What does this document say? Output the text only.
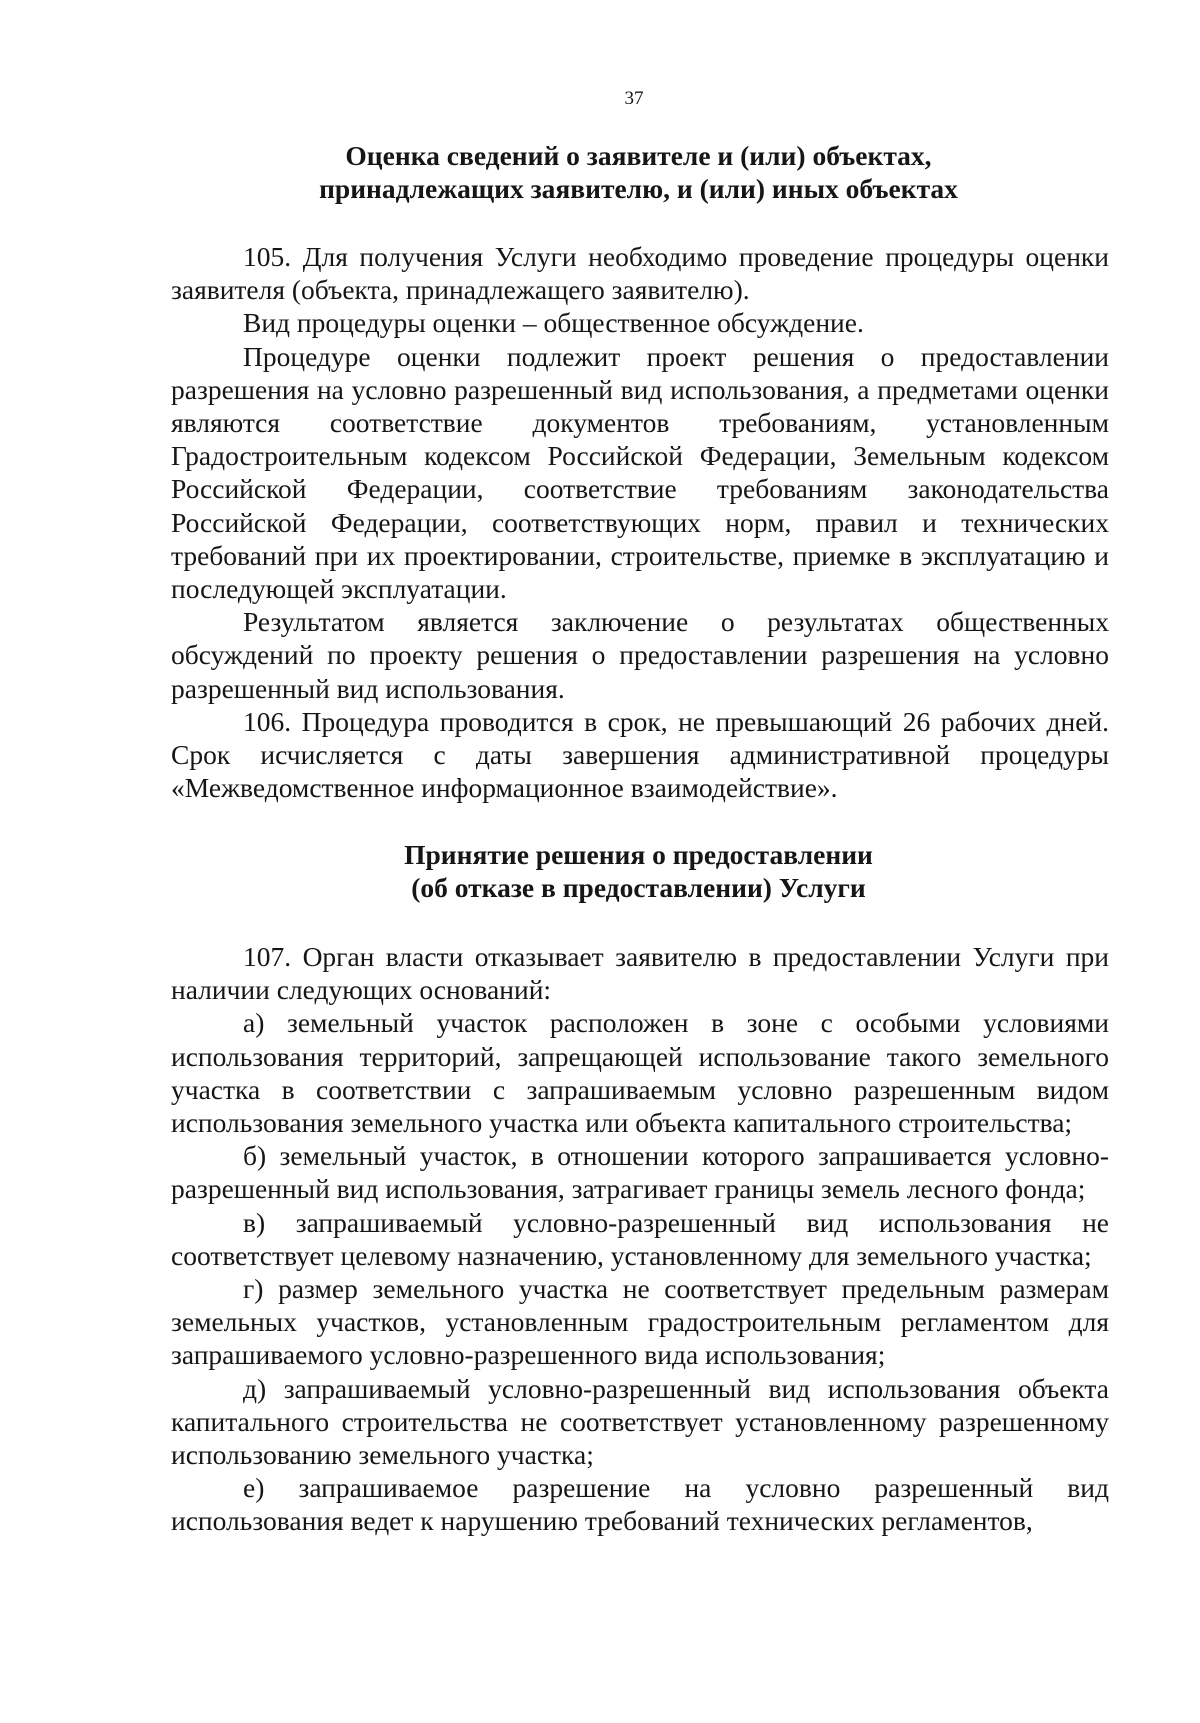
37
Оценка сведений о заявителе и (или) объектах,
принадлежащих заявителю, и (или) иных объектах

105. Для получения Услуги необходимо проведение процедуры оценки заявителя (объекта, принадлежащего заявителю).

Вид процедуры оценки – общественное обсуждение.

Процедуре оценки подлежит проект решения о предоставлении разрешения на условно разрешенный вид использования, а предметами оценки являются соответствие документов требованиям, установленным Градостроительным кодексом Российской Федерации, Земельным кодексом Российской Федерации, соответствие требованиям законодательства Российской Федерации, соответствующих норм, правил и технических требований при их проектировании, строительстве, приемке в эксплуатацию и последующей эксплуатации.

Результатом является заключение о результатах общественных обсуждений по проекту решения о предоставлении разрешения на условно разрешенный вид использования.

106. Процедура проводится в срок, не превышающий 26 рабочих дней. Срок исчисляется с даты завершения административной процедуры «Межведомственное информационное взаимодействие».

Принятие решения о предоставлении
(об отказе в предоставлении) Услуги

107. Орган власти отказывает заявителю в предоставлении Услуги при наличии следующих оснований:

а) земельный участок расположен в зоне с особыми условиями использования территорий, запрещающей использование такого земельного участка в соответствии с запрашиваемым условно разрешенным видом использования земельного участка или объекта капитального строительства;

б) земельный участок, в отношении которого запрашивается условно-разрешенный вид использования, затрагивает границы земель лесного фонда;

в) запрашиваемый условно-разрешенный вид использования не соответствует целевому назначению, установленному для земельного участка;

г) размер земельного участка не соответствует предельным размерам земельных участков, установленным градостроительным регламентом для запрашиваемого условно-разрешенного вида использования;

д) запрашиваемый условно-разрешенный вид использования объекта капитального строительства не соответствует установленному разрешенному использованию земельного участка;

е) запрашиваемое разрешение на условно разрешенный вид использования ведет к нарушению требований технических регламентов,
